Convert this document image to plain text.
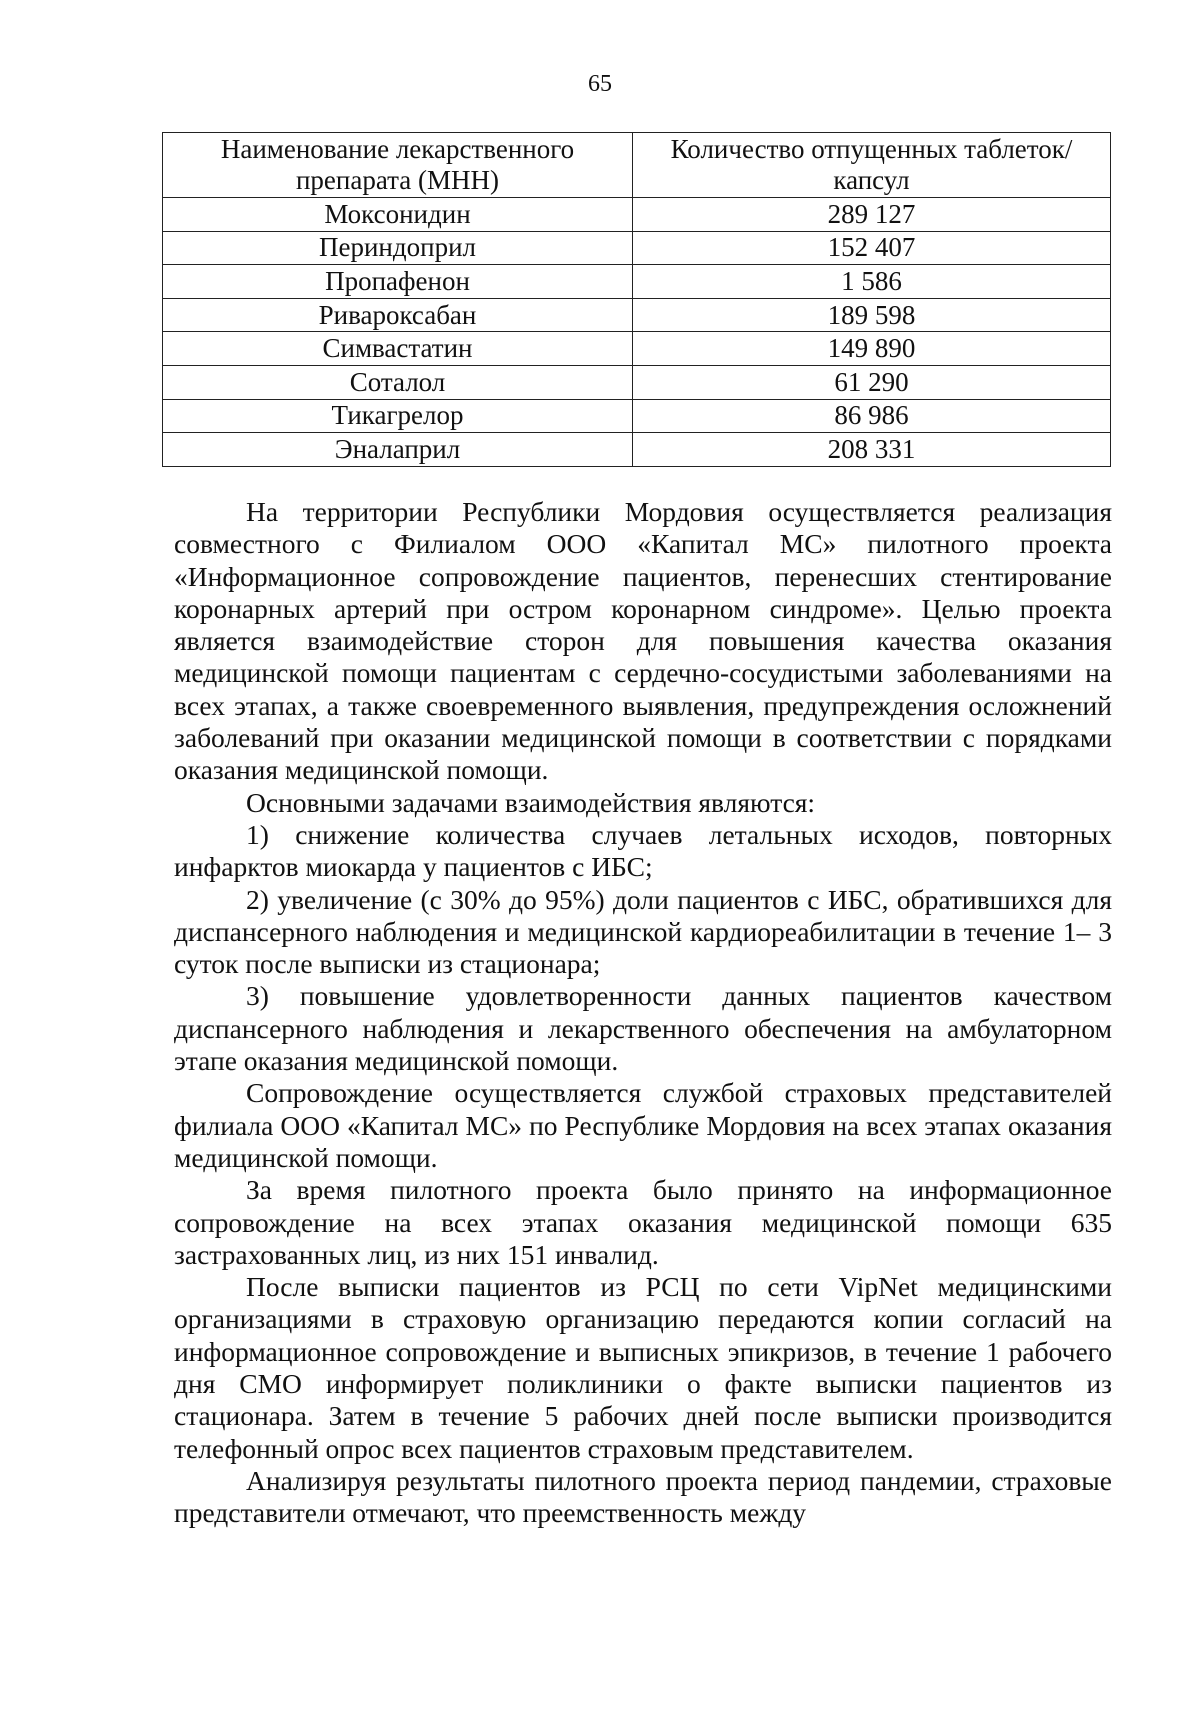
65
Наименование лекарственного препарата (МНН)	Количество отпущенных таблеток/капсул
Моксонидин	289 127
Периндоприл	152 407
Пропафенон	1 586
Ривароксабан	189 598
Симвастатин	149 890
Соталол	61 290
Тикагрелор	86 986
Эналаприл	208 331

На территории Республики Мордовия осуществляется реализация совместного с Филиалом ООО «Капитал МС» пилотного проекта «Информационное сопровождение пациентов, перенесших стентирование коронарных артерий при остром коронарном синдроме». Целью проекта является взаимодействие сторон для повышения качества оказания медицинской помощи пациентам с сердечно-сосудистыми заболеваниями на всех этапах, а также своевременного выявления, предупреждения осложнений заболеваний при оказании медицинской помощи в соответствии с порядками оказания медицинской помощи.

Основными задачами взаимодействия являются:

1) снижение количества случаев летальных исходов, повторных инфарктов миокарда у пациентов с ИБС;

2) увеличение (с 30% до 95%) доли пациентов с ИБС, обратившихся для диспансерного наблюдения и медицинской кардиореабилитации в течение 1– 3 суток после выписки из стационара;

3) повышение удовлетворенности данных пациентов качеством диспансерного наблюдения и лекарственного обеспечения на амбулаторном этапе оказания медицинской помощи.

Сопровождение осуществляется службой страховых представителей филиала ООО «Капитал МС» по Республике Мордовия на всех этапах оказания медицинской помощи.

За время пилотного проекта было принято на информационное сопровождение на всех этапах оказания медицинской помощи 635 застрахованных лиц, из них 151 инвалид.

После выписки пациентов из РСЦ по сети VipNet медицинскими организациями в страховую организацию передаются копии согласий на информационное сопровождение и выписных эпикризов, в течение 1 рабочего дня СМО информирует поликлиники о факте выписки пациентов из стационара. Затем в течение 5 рабочих дней после выписки производится телефонный опрос всех пациентов страховым представителем.

Анализируя результаты пилотного проекта период пандемии, страховые представители отмечают, что преемственность между
